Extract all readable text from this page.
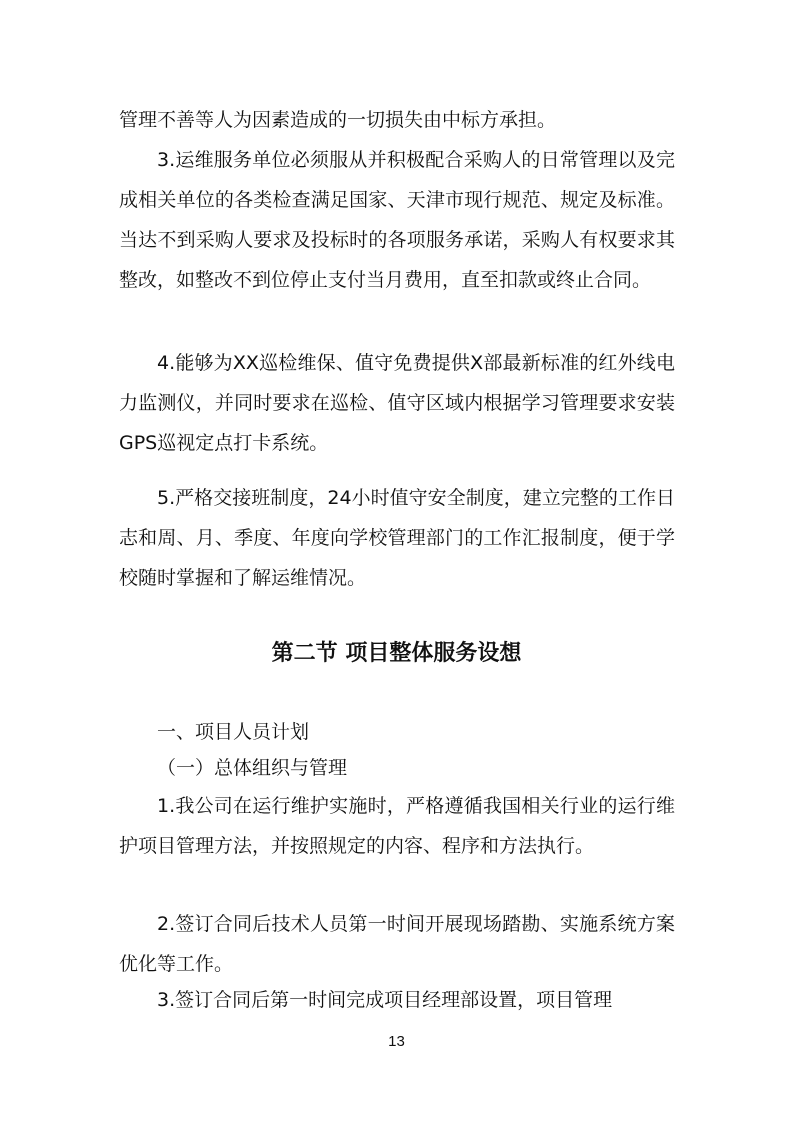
管理不善等人为因素造成的一切损失由中标方承担。

3.运维服务单位必须服从并积极配合采购人的日常管理以及完成相关单位的各类检查满足国家、天津市现行规范、规定及标准。当达不到采购人要求及投标时的各项服务承诺，采购人有权要求其整改，如整改不到位停止支付当月费用，直至扣款或终止合同。

4.能够为XX巡检维保、值守免费提供X部最新标准的红外线电力监测仪，并同时要求在巡检、值守区域内根据学习管理要求安装GPS巡视定点打卡系统。

5.严格交接班制度，24小时值守安全制度，建立完整的工作日志和周、月、季度、年度向学校管理部门的工作汇报制度，便于学校随时掌握和了解运维情况。

第二节 项目整体服务设想

一、项目人员计划

（一）总体组织与管理

1.我公司在运行维护实施时，严格遵循我国相关行业的运行维护项目管理方法，并按照规定的内容、程序和方法执行。

2.签订合同后技术人员第一时间开展现场踏勘、实施系统方案优化等工作。

3.签订合同后第一时间完成项目经理部设置，项目管理

13
